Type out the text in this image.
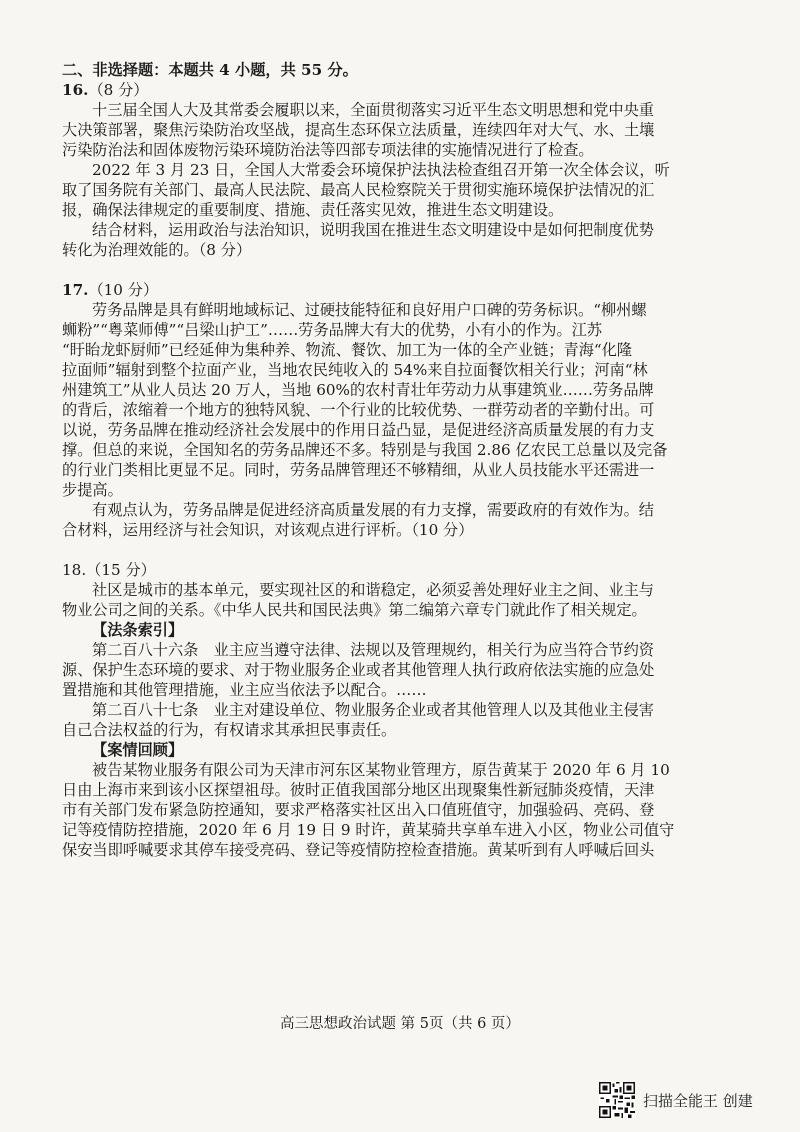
二、非选择题：本题共 4 小题，共 55 分。
16.（8 分）
十三届全国人大及其常委会履职以来，全面贯彻落实习近平生态文明思想和党中央重
大决策部署，聚焦污染防治攻坚战，提高生态环保立法质量，连续四年对大气、水、土壤
污染防治法和固体废物污染环境防治法等四部专项法律的实施情况进行了检查。
2022 年 3 月 23 日，全国人大常委会环境保护法执法检查组召开第一次全体会议，听
取了国务院有关部门、最高人民法院、最高人民检察院关于贯彻实施环境保护法情况的汇
报，确保法律规定的重要制度、措施、责任落实见效，推进生态文明建设。
结合材料，运用政治与法治知识，说明我国在推进生态文明建设中是如何把制度优势
转化为治理效能的。（8 分）
17.（10 分）
劳务品牌是具有鲜明地域标记、过硬技能特征和良好用户口碑的劳务标识。“柳州螺
蛳粉”“粤菜师傅”“吕梁山护工”……劳务品牌大有大的优势，小有小的作为。江苏
“盱眙龙虾厨师”已经延伸为集种养、物流、餐饮、加工为一体的全产业链；青海“化隆
拉面师”辐射到整个拉面产业，当地农民纯收入的 54%来自拉面餐饮相关行业；河南“林
州建筑工”从业人员达 20 万人，当地 60%的农村青壮年劳动力从事建筑业……劳务品牌
的背后，浓缩着一个地方的独特风貌、一个行业的比较优势、一群劳动者的辛勤付出。可
以说，劳务品牌在推动经济社会发展中的作用日益凸显，是促进经济高质量发展的有力支
撑。但总的来说，全国知名的劳务品牌还不多。特别是与我国 2.86 亿农民工总量以及完备
的行业门类相比更显不足。同时，劳务品牌管理还不够精细，从业人员技能水平还需进一
步提高。
有观点认为，劳务品牌是促进经济高质量发展的有力支撑，需要政府的有效作为。结
合材料，运用经济与社会知识，对该观点进行评析。（10 分）
18.（15 分）
社区是城市的基本单元，要实现社区的和谐稳定，必须妥善处理好业主之间、业主与
物业公司之间的关系。《中华人民共和国民法典》第二编第六章专门就此作了相关规定。
【法条索引】
第二百八十六条　业主应当遵守法律、法规以及管理规约，相关行为应当符合节约资
源、保护生态环境的要求、对于物业服务企业或者其他管理人执行政府依法实施的应急处
置措施和其他管理措施，业主应当依法予以配合。……
第二百八十七条　业主对建设单位、物业服务企业或者其他管理人以及其他业主侵害
自己合法权益的行为，有权请求其承担民事责任。
【案情回顾】
被告某物业服务有限公司为天津市河东区某物业管理方，原告黄某于 2020 年 6 月 10
日由上海市来到该小区探望祖母。彼时正值我国部分地区出现聚集性新冠肺炎疫情，天津
市有关部门发布紧急防控通知，要求严格落实社区出入口值班值守，加强验码、亮码、登
记等疫情防控措施，2020 年 6 月 19 日 9 时许，黄某骑共享单车进入小区，物业公司值守
保安当即呼喊要求其停车接受亮码、登记等疫情防控检查措施。黄某听到有人呼喊后回头
高三思想政治试题 第 5页（共 6 页）
扫描全能王 创建
